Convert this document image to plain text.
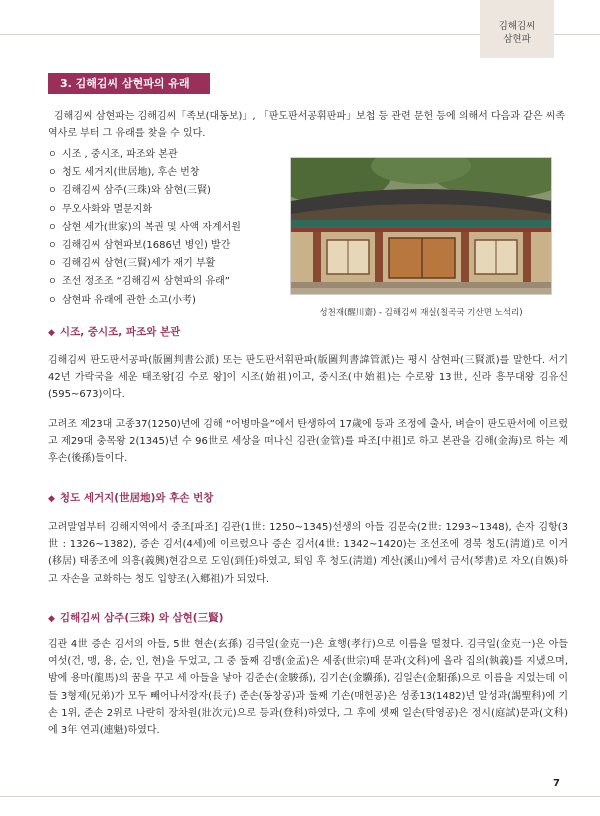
김해김씨
삼현파
3. 김해김씨 삼현파의 유래

김해김씨 삼현파는 김해김씨「족보(대동보)」, 「판도판서공휘판파」보첩 등 관련 문헌 등에 의해서 다음과 같은 씨족역사로 부터 그 유래를 찾을 수 있다.

ㅇ 시조 , 중시조, 파조와 본관
ㅇ 청도 세거지(世居地), 후손 번창
ㅇ 김해김씨 삼주(三珠)와 삼현(三賢)
ㅇ 무오사화와 멸문지화
ㅇ 삼현 세가(世家)의 복권 및 사액 자계서원
ㅇ 김해김씨 삼현파보(1686년 병인) 발간
ㅇ 김해김씨 삼현(三賢)세가 재기 부활
ㅇ 조선 정조조 “김해김씨 삼현파의 유래”
ㅇ 삼현파 유래에 관한 소고(小考)
성천재(醒川齋) - 김해김씨 재실(칠곡국 기산면 노석리)
◆ 시조, 중시조, 파조와 본관

김해김씨 판도판서공파(版圖判書公派) 또는 판도판서휘판파(版圖判書諱管派)는 평시 삼현파(三賢派)를 말한다. 서기 42년 가락국을 세운 태조왕[김 수로 왕]이 시조(始祖)이고, 중시조(中始祖)는 수로왕 13世, 신라 흥무대왕 김유신(595~673)이다.

고려조 제23대 고종37(1250)년에 김해 “어병마을”에서 탄생하여 17歲에 등과 조정에 출사, 벼슬이 판도판서에 이르렀고 제29대 충목왕 2(1345)년 수 96世로 세상을 떠나신 김관(金管)를 파조[中祖]로 하고 본관을 김해(金海)로 하는 제 후손(後孫)들이다.

◆ 청도 세거지(世居地)와 후손 번창

고려말엽부터 김해지역에서 중조[파조] 김관(1世: 1250~1345)선생의 아들 김문숙(2世: 1293~1348), 손자 김항(3世 : 1326~1382), 증손 김서(4세)에 이르렀으나 증손 김서(4世: 1342~1420)는 조선조에 경북 청도(淸道)로 이거(移居) 태종조에 의흥(義興)현감으로 도임(到任)하였고, 퇴임 후 청도(淸道) 계산(溪山)에서 금서(琴書)로 자오(自娛)하고 자손을 교화하는 청도 입향조(入鄕祖)가 되었다.

◆ 김해김씨 삼주(三珠) 와 삼현(三賢)

김관 4世 증손 김서의 아들, 5世 현손(玄孫) 김극일(金克一)은 효행(孝行)으로 이름을 떨쳤다. 김극일(金克一)은 아들 여섯(건, 맹, 용, 순, 인, 현)을 두었고, 그 중 둘째 김맹(金孟)은 세종(世宗)때 문과(文科)에 올라 집의(執義)를 지냈으며, 밤에 용마(龍馬)의 꿈을 꾸고 세 아들을 낳아 김준손(金駿孫), 김기손(金驥孫), 김일손(金馹孫)으로 이름을 지었는데 이들 3형제(兄弟)가 모두 빼어나서장자(長子) 준손(동창공)과 둘째 기손(매헌공)은 성종13(1482)년 알성과(謁聖科)에 기손 1위, 준손 2위로 나란히 장차원(壯次元)으로 등과(登科)하였다, 그 후에 셋째 일손(탁영공)은 정시(庭試)문과(文科)에 3年 연괴(連魁)하였다.

7
